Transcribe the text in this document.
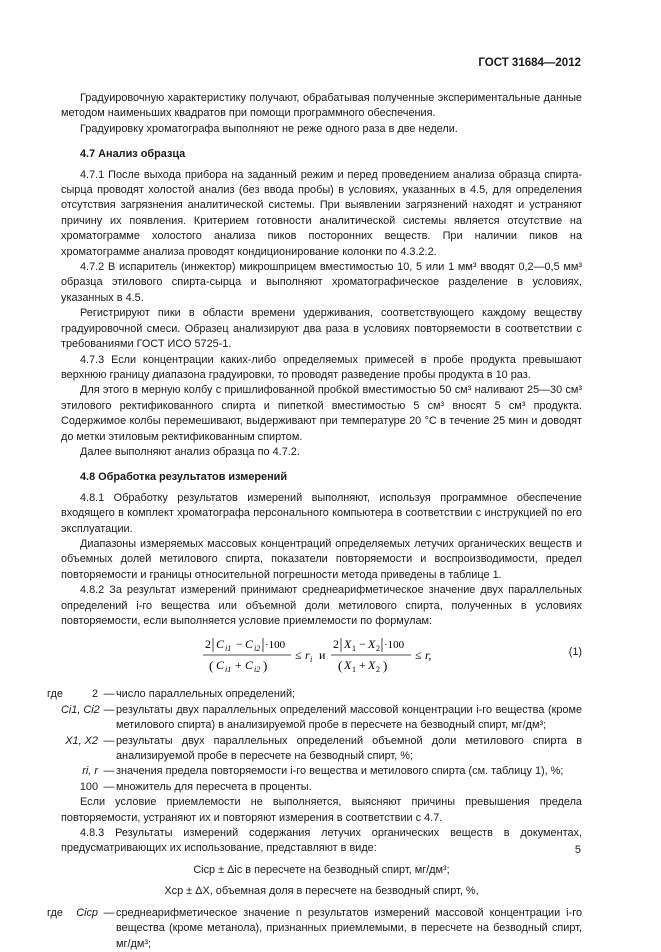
ГОСТ 31684—2012

Градуировочную характеристику получают, обрабатывая полученные экспериментальные данные методом наименьших квадратов при помощи программного обеспечения.

Градуировку хроматографа выполняют не реже одного раза в две недели.

4.7 Анализ образца

4.7.1 После выхода прибора на заданный режим и перед проведением анализа образца спирта-сырца проводят холостой анализ (без ввода пробы) в условиях, указанных в 4.5, для определения отсутствия загрязнения аналитической системы. При выявлении загрязнений находят и устраняют причину их появления. Критерием готовности аналитической системы является отсутствие на хроматограмме холостого анализа пиков посторонних веществ. При наличии пиков на хроматограмме анализа проводят кондиционирование колонки по 4.3.2.2.

4.7.2 В испаритель (инжектор) микрошприцем вместимостью 10, 5 или 1 мм³ вводят 0,2—0,5 мм³ образца этилового спирта-сырца и выполняют хроматографическое разделение в условиях, указанных в 4.5.

Регистрируют пики в области времени удерживания, соответствующего каждому веществу градуировочной смеси. Образец анализируют два раза в условиях повторяемости в соответствии с требованиями ГОСТ ИСО 5725-1.

4.7.3 Если концентрации каких-либо определяемых примесей в пробе продукта превышают верхнюю границу диапазона градуировки, то проводят разведение пробы продукта в 10 раз.

Для этого в мерную колбу с пришлифованной пробкой вместимостью 50 см³ наливают 25—30 см³ этилового ректификованного спирта и пипеткой вместимостью 5 см³ вносят 5 см³ продукта. Содержимое колбы перемешивают, выдерживают при температуре 20 °С в течение 25 мин и доводят до метки этиловым ректификованным спиртом.

Далее выполняют анализ образца по 4.7.2.

4.8 Обработка результатов измерений

4.8.1 Обработку результатов измерений выполняют, используя программное обеспечение входящего в комплект хроматографа персонального компьютера в соответствии с инструкцией по его эксплуатации.

Диапазоны измеряемых массовых концентраций определяемых летучих органических веществ и объемных долей метилового спирта, показатели повторяемости и воспроизводимости, предел повторяемости и границы относительной погрешности метода приведены в таблице 1.

4.8.2 За результат измерений принимают среднеарифметическое значение двух параллельных определений i-го вещества или объемной доли метилового спирта, полученных в условиях повторяемости, если выполняется условие приемлемости по формулам:

2 C i1 − C i2 ·100
( C i1 + C i2 )
≤ r i и
2 X 1 − X 2 ·100
( X 1 + X 2 )
≤ r,	(1)
где	2 — число параллельных определений;
Ci1, Ci2 — результаты двух параллельных определений массовой концентрации i-го вещества (кроме метилового спирта) в анализируемой пробе в пересчете на безводный спирт, мг/дм³;
X1, X2 — результаты двух параллельных определений объемной доли метилового спирта в анализируемой пробе в пересчете на безводный спирт, %;
ri, r — значения предела повторяемости i-го вещества и метилового спирта (см. таблицу 1), %;
100 — множитель для пересчета в проценты.

Если условие приемлемости не выполняется, выясняют причины превышения предела повторяемости, устраняют их и повторяют измерения в соответствии с 4.7.

4.8.3 Результаты измерений содержания летучих органических веществ в документах, предусматривающих их использование, представляют в виде:

Cicp ± Δic в пересчете на безводный спирт, мг/дм³;

Xcp ± ΔX, объемная доля в пересчете на безводный спирт, %,

где	Cicp — среднеарифметическое значение n результатов измерений массовой концентрации i-го вещества (кроме метанола), признанных приемлемыми, в пересчете на безводный спирт, мг/дм³;
5
